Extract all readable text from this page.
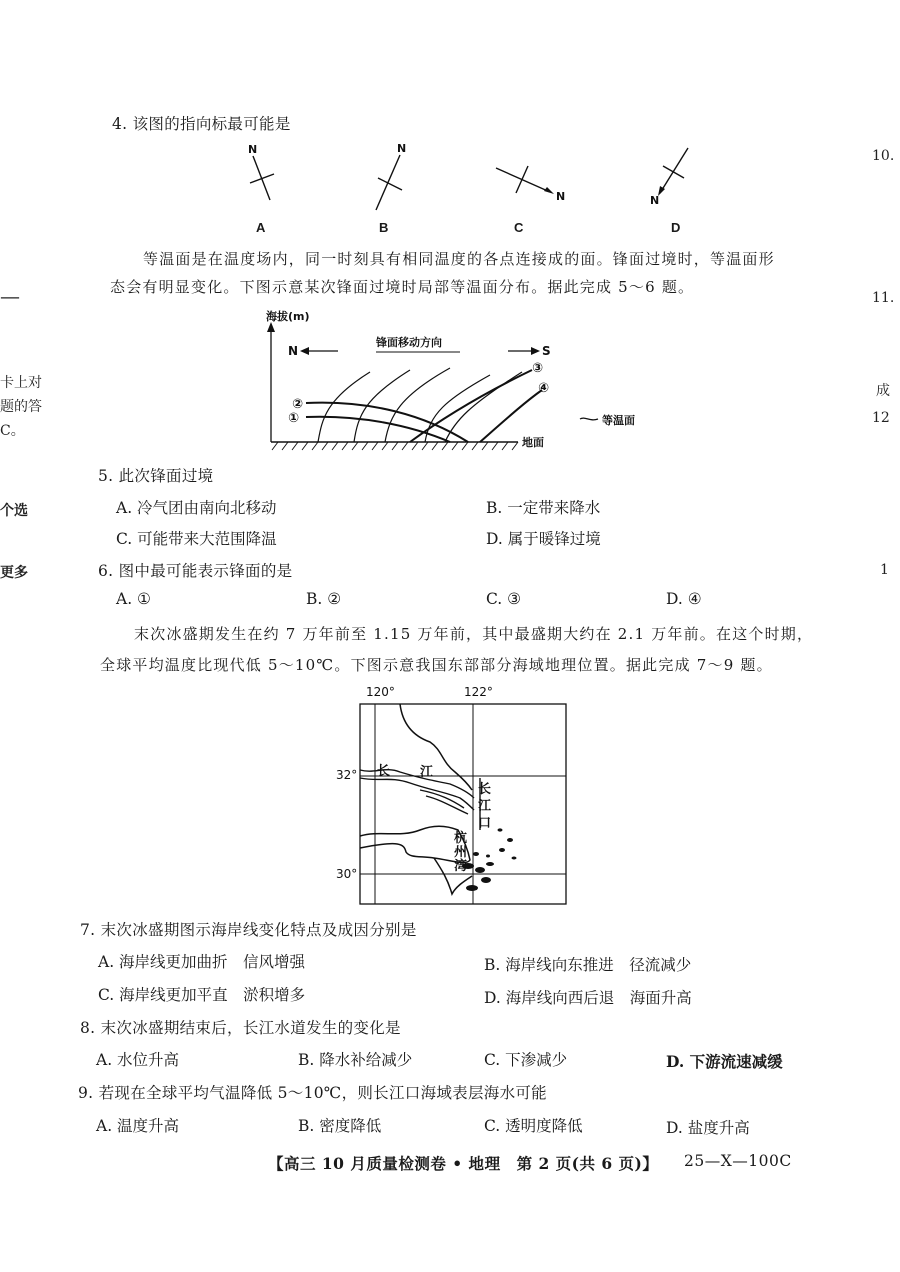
—
卡上对
题的答
C。
个选
更多
10.
11.
成
12
1
4. 该图的指向标最可能是
N	N
N	N
A	B	C	D
等温面是在温度场内，同一时刻具有相同温度的各点连接成的面。锋面过境时，等温面形
态会有明显变化。下图示意某次锋面过境时局部等温面分布。据此完成 5～6 题。
海拔(m)
地面
N
锋面移动方向
S
②
①
③
④
等温面
5. 此次锋面过境
A. 冷气团由南向北移动	B. 一定带来降水
C. 可能带来大范围降温	D. 属于暖锋过境
6. 图中最可能表示锋面的是
A. ①	B. ②	C. ③	D. ④
末次冰盛期发生在约 7 万年前至 1.15 万年前，其中最盛期大约在 2.1 万年前。在这个时期，
全球平均温度比现代低 5～10℃。下图示意我国东部部分海域地理位置。据此完成 7～9 题。
120°	122°
32°
30°
长 江
长
江
口
杭
州
湾
7. 末次冰盛期图示海岸线变化特点及成因分别是
A. 海岸线更加曲折　信风增强	B. 海岸线向东推进　径流减少
C. 海岸线更加平直　淤积增多	D. 海岸线向西后退　海面升高
8. 末次冰盛期结束后，长江水道发生的变化是
A. 水位升高	B. 降水补给减少	C. 下渗减少	D. 下游流速减缓
9. 若现在全球平均气温降低 5～10℃，则长江口海域表层海水可能
A. 温度升高	B. 密度降低	C. 透明度降低	D. 盐度升高
【高三 10 月质量检测卷 • 地理　第 2 页(共 6 页)】 25—X—100C
